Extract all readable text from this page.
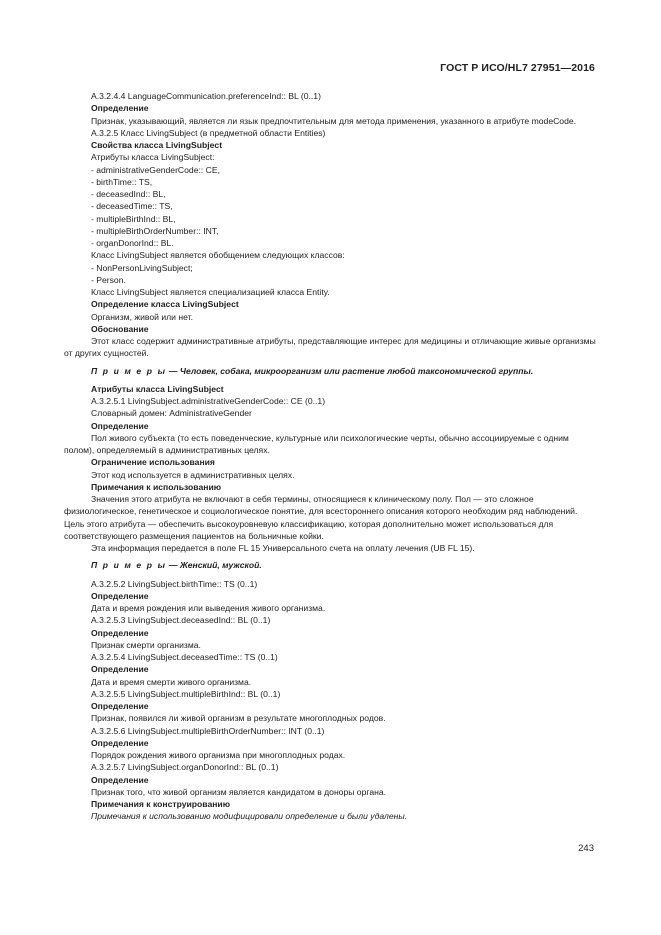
ГОСТ Р ИСО/HL7 27951—2016

A.3.2.4.4 LanguageCommunication.preferenceInd:: BL (0..1)

Определение

Признак, указывающий, является ли язык предпочтительным для метода применения, указанного в атрибуте modeCode.

A.3.2.5 Класс LivingSubject (в предметной области Entities)

Свойства класса LivingSubject

Атрибуты класса LivingSubject:

- administrativeGenderCode:: CE,

- birthTime:: TS,

- deceasedInd:: BL,

- deceasedTime:: TS,

- multipleBirthInd:: BL,

- multipleBirthOrderNumber:: INT,

- organDonorInd:: BL.

Класс LivingSubject является обобщением следующих классов:

- NonPersonLivingSubject;

- Person.

Класс LivingSubject является специализацией класса Entity.

Определение класса LivingSubject

Организм, живой или нет.

Обоснование

Этот класс содержит административные атрибуты, представляющие интерес для медицины и отличающие живые организмы от других сущностей.

П р и м е р ы — Человек, собака, микроорганизм или растение любой таксономической группы.

Атрибуты класса LivingSubject

A.3.2.5.1 LivingSubject.administrativeGenderCode:: CE (0..1)

Словарный домен: AdministrativeGender

Определение

Пол живого субъекта (то есть поведенческие, культурные или психологические черты, обычно ассоциируемые с одним полом), определяемый в административных целях.

Ограничение использования

Этот код используется в административных целях.

Примечания к использованию

Значения этого атрибута не включают в себя термины, относящиеся к клиническому полу. Пол — это сложное физиологическое, генетическое и социологическое понятие, для всестороннего описания которого необходим ряд наблюдений. Цель этого атрибута — обеспечить высокоуровневую классификацию, которая дополнительно может использоваться для соответствующего размещения пациентов на больничные койки.

Эта информация передается в поле FL 15 Универсального счета на оплату лечения (UB FL 15).

П р и м е р ы — Женский, мужской.

A.3.2.5.2 LivingSubject.birthTime:: TS (0..1)

Определение

Дата и время рождения или выведения живого организма.

A.3.2.5.3 LivingSubject.deceasedInd:: BL (0..1)

Определение

Признак смерти организма.

A.3.2.5.4 LivingSubject.deceasedTime:: TS (0..1)

Определение

Дата и время смерти живого организма.

A.3.2.5.5 LivingSubject.multipleBirthInd:: BL (0..1)

Определение

Признак, появился ли живой организм в результате многоплодных родов.

A.3.2.5.6 LivingSubject.multipleBirthOrderNumber:: INT (0..1)

Определение

Порядок рождения живого организма при многоплодных родах.

A.3.2.5.7 LivingSubject.organDonorInd:: BL (0..1)

Определение

Признак того, что живой организм является кандидатом в доноры органа.

Примечания к конструированию

Примечания к использованию модифицировали определение и были удалены.

243
